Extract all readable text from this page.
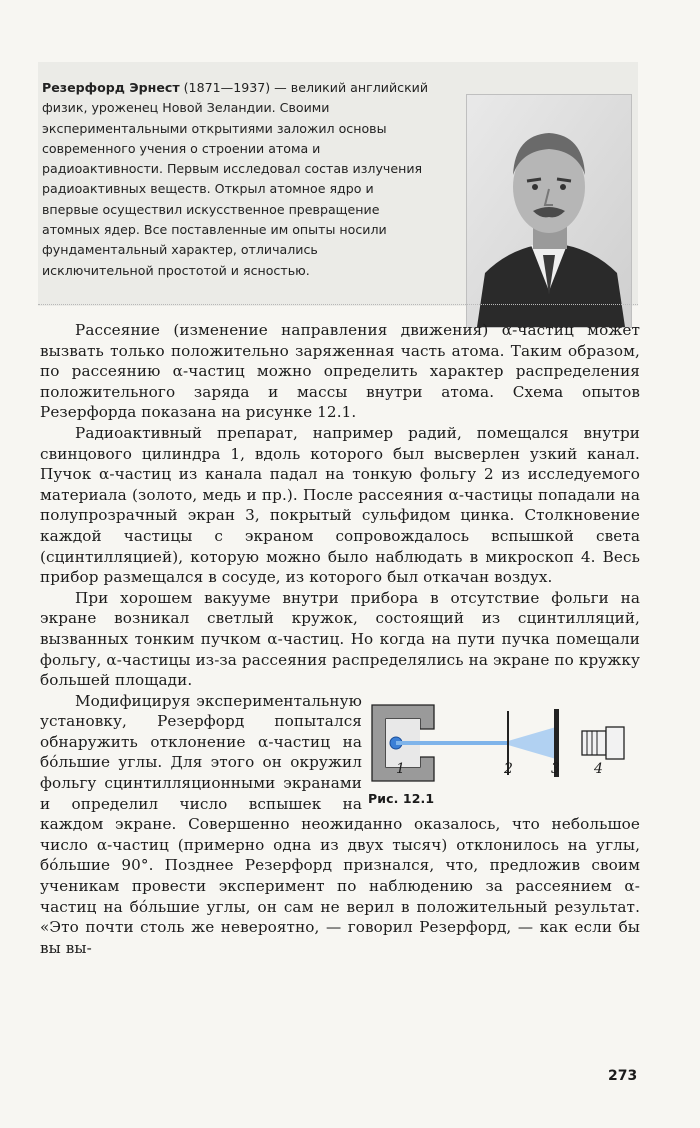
Резерфорд Эрнест (1871—1937) — великий английский физик, уроженец Новой Зеландии. Своими экспериментальными открытиями заложил основы современного учения о строении атома и радиоактивности. Первым исследовал состав излучения радиоактивных веществ. Открыл атомное ядро и впервые осуществил искусственное превращение атомных ядер. Все поставленные им опыты носили фундаментальный характер, отличались исключительной простотой и ясностью.

Рассеяние (изменение направления движения) α-частиц может вызвать только положительно заряженная часть атома. Таким образом, по рассеянию α-частиц можно определить характер распределения положительного заряда и массы внутри атома. Схема опытов Резерфорда показана на рисунке 12.1.

Радиоактивный препарат, например радий, помещался внутри свинцового цилиндра 1, вдоль которого был высверлен узкий канал. Пучок α-частиц из канала падал на тонкую фольгу 2 из исследуемого материала (золото, медь и пр.). После рассеяния α-частицы попадали на полупрозрачный экран 3, покрытый сульфидом цинка. Столкновение каждой частицы с экраном сопровождалось вспышкой света (сцинтилляцией), которую можно было наблюдать в микроскоп 4. Весь прибор размещался в сосуде, из которого был откачан воздух.

При хорошем вакууме внутри прибора в отсутствие фольги на экране возникал светлый кружок, состоящий из сцинтилляций, вызванных тонким пучком α-частиц. Но когда на пути пучка помещали фольгу, α-частицы из-за рассеяния распределялись на экране по кружку большей площади.

1	2	3 4
Рис. 12.1
Модифицируя экспериментальную установку, Резерфорд попытался обнаружить отклонение α-частиц на бóльшие углы. Для этого он окружил фольгу сцинтилляционными экранами и определил число вспышек на каждом экране. Совершенно неожиданно оказалось, что небольшое число α-частиц (примерно одна из двух тысяч) отклонилось на углы, бóльшие 90°. Позднее Резерфорд признался, что, предложив своим ученикам провести эксперимент по наблюдению за рассеянием α-частиц на бóльшие углы, он сам не верил в положительный результат. «Это почти столь же невероятно, — говорил Резерфорд, — как если бы вы вы-

273
